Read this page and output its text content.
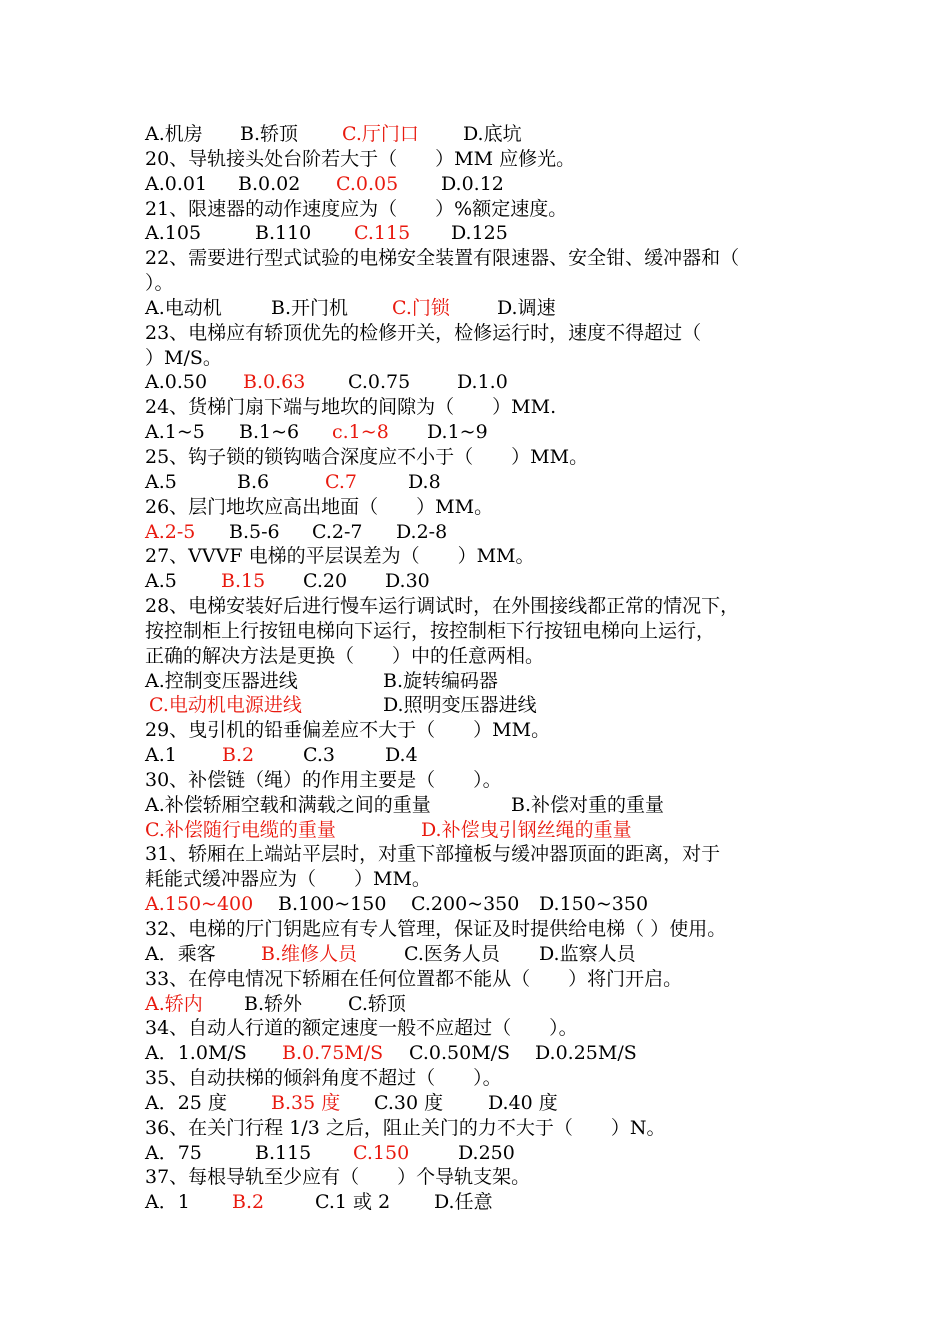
A.机房 B.轿顶 C.厅门口 D.底坑
20、导轨接头处台阶若大于（　　）MM 应修光。
A.0.01 B.0.02 C.0.05 D.0.12
21、限速器的动作速度应为（　　）%额定速度。
A.105	B.110 C.115 D.125
22、需要进行型式试验的电梯安全装置有限速器、安全钳、缓冲器和（
）。
A.电动机	B.开门机 C.门锁 D.调速
23、电梯应有轿顶优先的检修开关，检修运行时，速度不得超过（
）M/S。
A.0.50 B.0.63 C.0.75 D.1.0
24、货梯门扇下端与地坎的间隙为（　　）MM.
A.1~5 B.1~6 c.1~8 D.1~9
25、钩子锁的锁钩啮合深度应不小于（　　）MM。
A.5	B.6	C.7	D.8
26、层门地坎应高出地面（　　）MM。
A.2-5 B.5-6 C.2-7 D.2-8
27、VVVF 电梯的平层误差为（　　）MM。
A.5 B.15 C.20 D.30
28、电梯安装好后进行慢车运行调试时，在外围接线都正常的情况下，
按控制柜上行按钮电梯向下运行，按控制柜下行按钮电梯向上运行，
正确的解决方法是更换（　　）中的任意两相。
A.控制变压器进线	B.旋转编码器
C.电动机电源进线	D.照明变压器进线
29、曳引机的铅垂偏差应不大于（　　）MM。
A.1 B.2	C.3	D.4
30、补偿链（绳）的作用主要是（　　）。
A.补偿轿厢空载和满载之间的重量	B.补偿对重的重量
C.补偿随行电缆的重量	D.补偿曳引钢丝绳的重量
31、轿厢在上端站平层时，对重下部撞板与缓冲器顶面的距离，对于
耗能式缓冲器应为（　　）MM。
A.150~400 B.100~150 C.200~350 D.150~350
32、电梯的厅门钥匙应有专人管理，保证及时提供给电梯（ ）使用。
A．乘客 B.维修人员 C.医务人员 D.监察人员
33、在停电情况下轿厢在任何位置都不能从（　　）将门开启。
A.轿内 B.轿外 C.轿顶
34、自动人行道的额定速度一般不应超过（　　）。
A．1.0M/S B.0.75M/S C.0.50M/S D.0.25M/S
35、自动扶梯的倾斜角度不超过（　　）。
A．25 度 B.35 度 C.30 度 D.40 度
36、在关门行程 1/3 之后，阻止关门的力不大于（　　）N。
A．75	B.115 C.150	D.250
37、每根导轨至少应有（　　）个导轨支架。
A．1 B.2	C.1 或 2 D.任意
